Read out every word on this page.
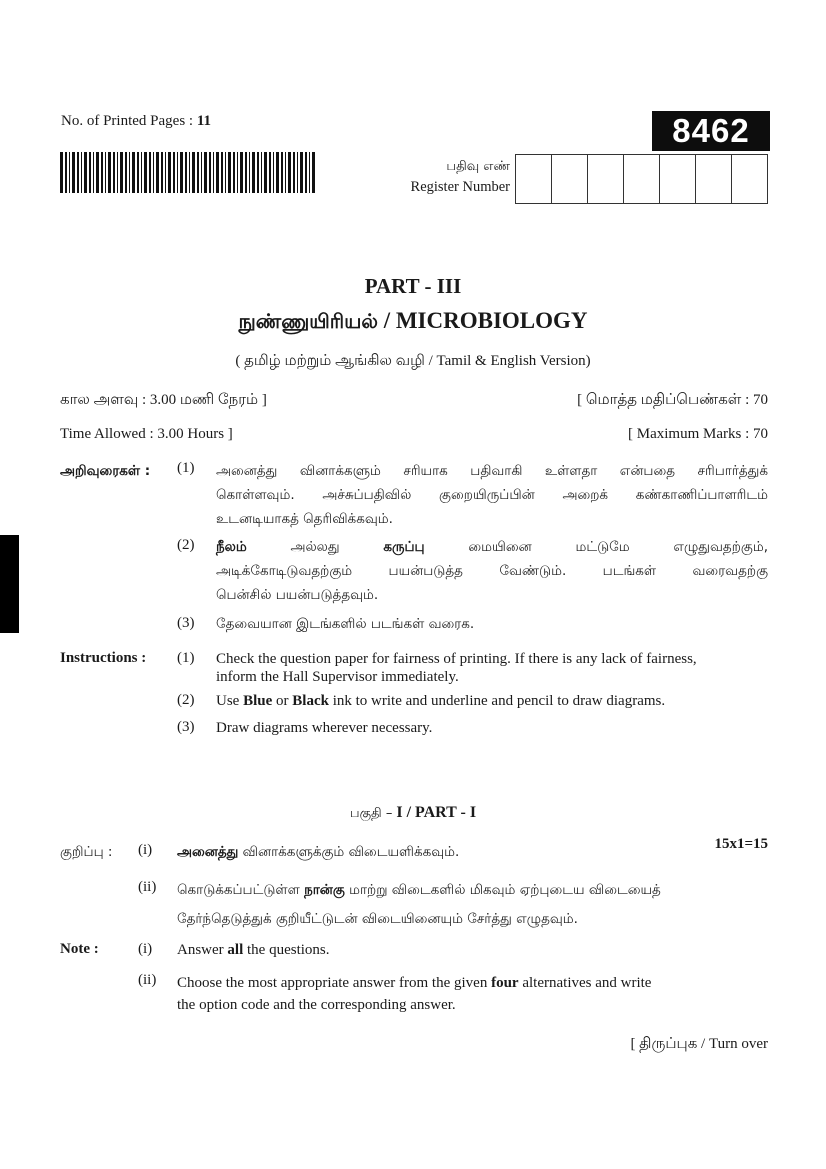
No. of Printed Pages : 11	8462
பதிவு எண்
Register Number
PART - III
நுண்ணுயிரியல் / MICROBIOLOGY
( தமிழ் மற்றும் ஆங்கில வழி / Tamil & English Version)
கால அளவு : 3.00 மணி நேரம் ]	[ மொத்த மதிப்பெண்கள் : 70
Time Allowed : 3.00 Hours ]	[ Maximum Marks : 70
அறிவுரைகள் : (1) அனைத்து வினாக்களும் சரியாக பதிவாகி உள்ளதா என்பதை சரிபார்த்துக்
கொள்ளவும். அச்சுப்பதிவில் குறையிருப்பின் அறைக் கண்காணிப்பாளரிடம்
உடனடியாகத் தெரிவிக்கவும்.
(2) நீலம் அல்லது கருப்பு மையினை மட்டுமே எழுதுவதற்கும்,
அடிக்கோடிடுவதற்கும் பயன்படுத்த வேண்டும். படங்கள் வரைவதற்கு
பென்சில் பயன்படுத்தவும்.
(3) தேவையான இடங்களில் படங்கள் வரைக.
Instructions : (1) Check the question paper for fairness of printing. If there is any lack of fairness,
inform the Hall Supervisor immediately.
(2) Use Blue or Black ink to write and underline and pencil to draw diagrams.
(3) Draw diagrams wherever necessary.
பகுதி – I / PART - I
15x1=15
குறிப்பு : (i) அனைத்து வினாக்களுக்கும் விடையளிக்கவும்.
(ii) கொடுக்கப்பட்டுள்ள நான்கு மாற்று விடைகளில் மிகவும் ஏற்புடைய விடையைத்
தேர்ந்தெடுத்துக் குறியீட்டுடன் விடையினையும் சேர்த்து எழுதவும்.
Note :	(i) Answer all the questions.
(ii) Choose the most appropriate answer from the given four alternatives and write
the option code and the corresponding answer.
[ திருப்புக / Turn over
